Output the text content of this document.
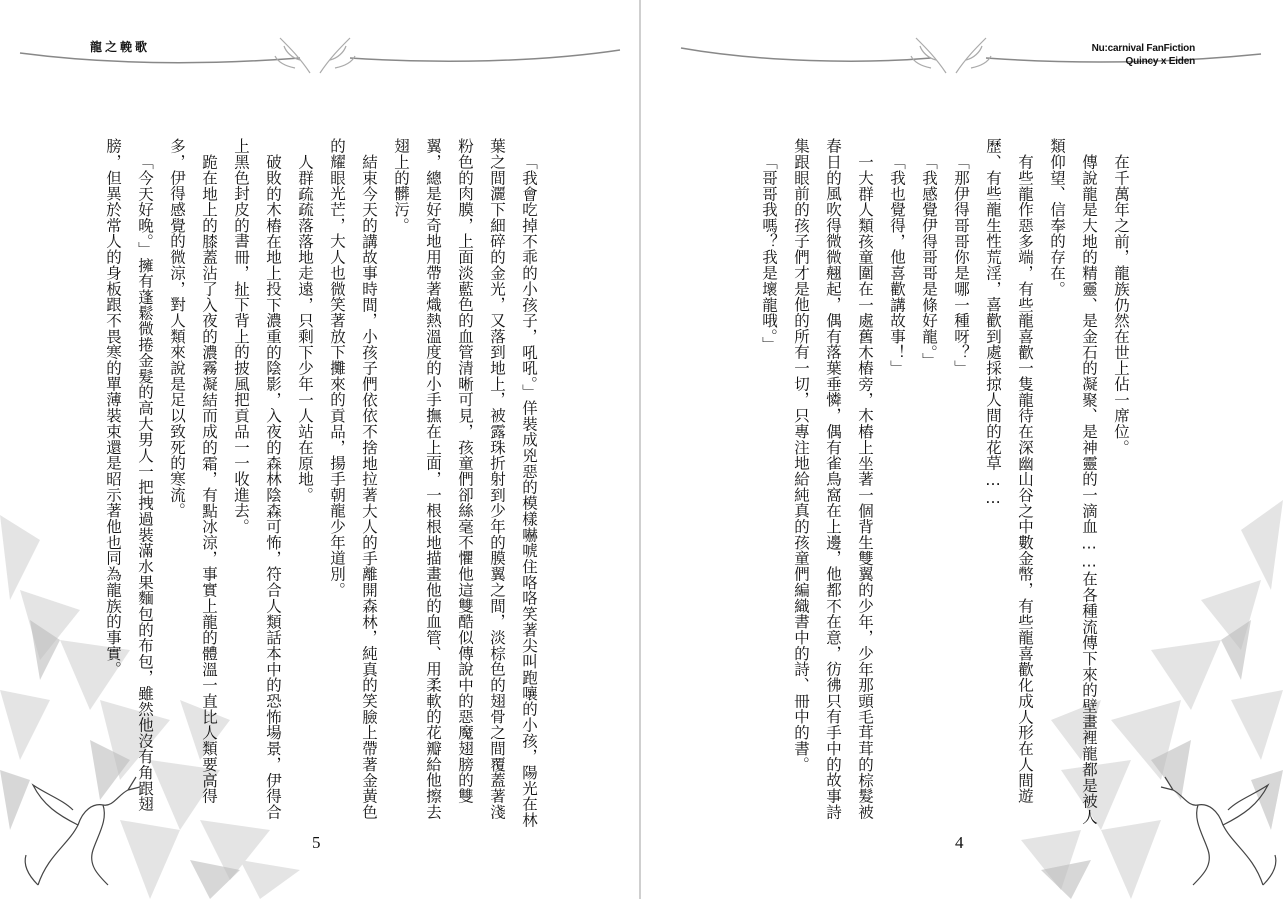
龍之輓歌

「我會吃掉不乖的小孩子，吼吼。」佯裝成兇惡的模樣嚇唬住咯咯笑著尖叫跑嚷的小孩，陽光在林葉之間灑下細碎的金光，又落到地上，被露珠折射到少年的膜翼之間，淡棕色的翅骨之間覆蓋著淺粉色的肉膜，上面淡藍色的血管清晰可見，孩童們卻絲毫不懼他這雙酷似傳說中的惡魔翅膀的雙翼，總是好奇地用帶著熾熱溫度的小手撫在上面，一根根地描畫他的血管、用柔軟的花瓣給他擦去翅上的髒污。

結束今天的講故事時間，小孩子們依依不捨地拉著大人的手離開森林，純真的笑臉上帶著金黃色的耀眼光芒，大人也微笑著放下攤來的貢品，揚手朝龍少年道別。

人群疏疏落落地走遠，只剩下少年一人站在原地。

破敗的木樁在地上投下濃重的陰影，入夜的森林陰森可怖，符合人類話本中的恐怖場景，伊得合上黑色封皮的書冊，扯下背上的披風把貢品一一收進去。

跪在地上的膝蓋沾了入夜的濃霧凝結而成的霜，有點冰涼，事實上龍的體溫一直比人類要高得多，伊得感覺的微涼，對人類來說是足以致死的寒流。

「今天好晚。」擁有蓬鬆微捲金髮的高大男人一把拽過裝滿水果麵包的布包，雖然他沒有角跟翅膀，但異於常人的身板跟不畏寒的單薄裝束還是昭示著他也同為龍族的事實。

5
Nu:carnival FanFiction
Quincy x Eiden

在千萬年之前，龍族仍然在世上佔一席位。

傳說龍是大地的精靈、是金石的凝聚、是神靈的一滴血……在各種流傳下來的壁畫裡龍都是被人類仰望、信奉的存在。

有些龍作惡多端，有些龍喜歡一隻龍待在深幽山谷之中數金幣，有些龍喜歡化成人形在人間遊歷、有些龍生性荒淫，喜歡到處採掠人間的花草……

「那伊得哥哥你是哪一種呀？」

「我感覺伊得哥哥是條好龍。」

「我也覺得，他喜歡講故事！」

一大群人類孩童圍在一處舊木樁旁，木樁上坐著一個背生雙翼的少年，少年那頭毛茸茸的棕髮被春日的風吹得微微翹起，偶有落葉垂憐，偶有雀鳥窩在上邊，他都不在意，彷彿只有手中的故事詩集跟眼前的孩子們才是他的所有一切，只專注地給純真的孩童們編織書中的詩、冊中的書。

「哥哥我嗎？我是壞龍哦。」

4
